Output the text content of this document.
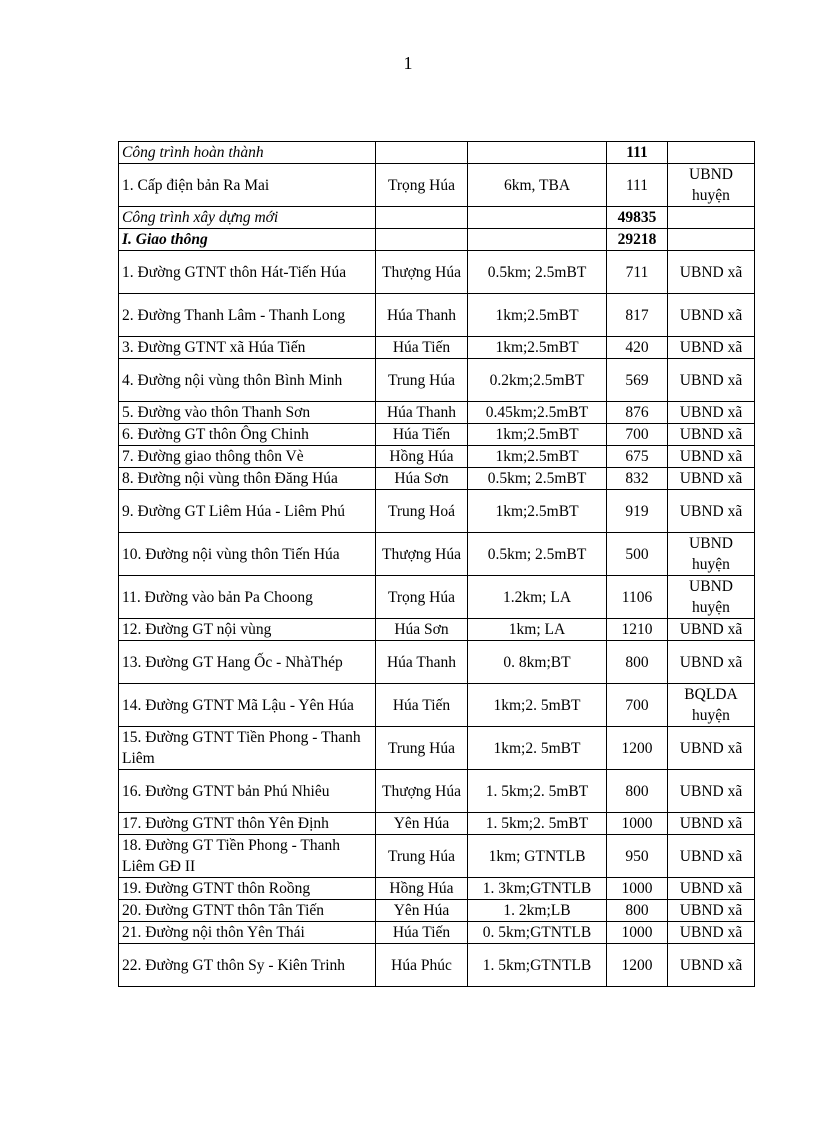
1
Công trình hoàn thành			111	
1. Cấp điện bản Ra Mai	Trọng Húa	6km, TBA	111	UBND huyện
Công trình xây dựng mới			49835	
I. Giao thông			29218	
1. Đường GTNT thôn Hát-Tiến Húa	Thượng Húa	0.5km; 2.5mBT	711	UBND xã
2. Đường Thanh Lâm - Thanh Long	Húa Thanh	1km;2.5mBT	817	UBND xã
3. Đường GTNT xã Húa Tiến	Húa Tiến	1km;2.5mBT	420	UBND xã
4. Đường nội vùng thôn Bình Minh	Trung Húa	0.2km;2.5mBT	569	UBND xã
5. Đường vào thôn Thanh Sơn	Húa Thanh	0.45km;2.5mBT	876	UBND xã
6. Đường GT thôn Ông Chinh	Húa Tiến	1km;2.5mBT	700	UBND xã
7. Đường giao thông thôn Vè	Hồng Húa	1km;2.5mBT	675	UBND xã
8. Đường nội vùng thôn Đăng Húa	Húa Sơn	0.5km; 2.5mBT	832	UBND xã
9. Đường GT Liêm Húa - Liêm Phú	Trung Hoá	1km;2.5mBT	919	UBND xã
10. Đường nội vùng thôn Tiến Húa	Thượng Húa	0.5km; 2.5mBT	500	UBND huyện
11. Đường vào bản Pa Choong	Trọng Húa	1.2km; LA	1106	UBND huyện
12. Đường GT nội vùng	Húa Sơn	1km; LA	1210	UBND xã
13. Đường GT Hang Ốc - NhàThép	Húa Thanh	0. 8km;BT	800	UBND xã
14. Đường GTNT Mã Lậu - Yên Húa	Húa Tiến	1km;2. 5mBT	700	BQLDA huyện
15. Đường GTNT Tiền Phong - Thanh Liêm	Trung Húa	1km;2. 5mBT	1200	UBND xã
16. Đường GTNT bản Phú Nhiêu	Thượng Húa	1. 5km;2. 5mBT	800	UBND xã
17. Đường GTNT thôn Yên Định	Yên Húa	1. 5km;2. 5mBT	1000	UBND xã
18. Đường GT Tiền Phong - Thanh Liêm GĐ II	Trung Húa	1km; GTNTLB	950	UBND xã
19. Đường GTNT thôn Roồng	Hồng Húa	1. 3km;GTNTLB	1000	UBND xã
20. Đường GTNT thôn Tân Tiến	Yên Húa	1. 2km;LB	800	UBND xã
21. Đường nội thôn Yên Thái	Húa Tiến	0. 5km;GTNTLB	1000	UBND xã
22. Đường GT thôn Sy - Kiên Trinh	Húa Phúc	1. 5km;GTNTLB	1200	UBND xã
